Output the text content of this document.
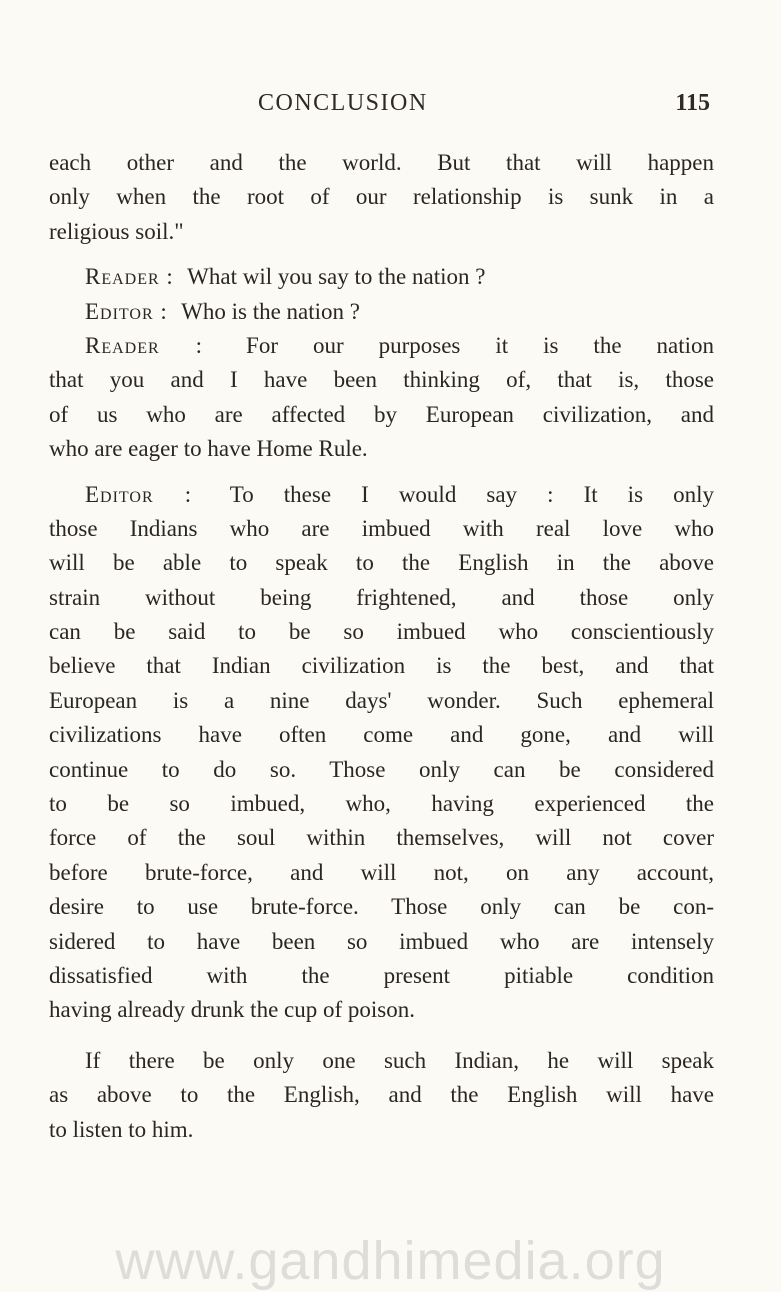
CONCLUSION	115
each other and the world. But that will happen
only when the root of our relationship is sunk in a
religious soil."
Reader : What wil you say to the nation ?
Editor : Who is the nation ?
Reader : For our purposes it is the nation
that you and I have been thinking of, that is, those
of us who are affected by European civilization, and
who are eager to have Home Rule.
Editor : To these I would say : It is only
those Indians who are imbued with real love who
will be able to speak to the English in the above
strain without being frightened, and those only
can be said to be so imbued who conscientiously
believe that Indian civilization is the best, and that
European is a nine days' wonder. Such ephemeral
civilizations have often come and gone, and will
continue to do so. Those only can be considered
to be so imbued, who, having experienced the
force of the soul within themselves, will not cover
before brute-force, and will not, on any account,
desire to use brute-force. Those only can be con-
sidered to have been so imbued who are intensely
dissatisfied with the present pitiable condition
having already drunk the cup of poison.
If there be only one such Indian, he will speak
as above to the English, and the English will have
to listen to him.
www.gandhimedia.org
